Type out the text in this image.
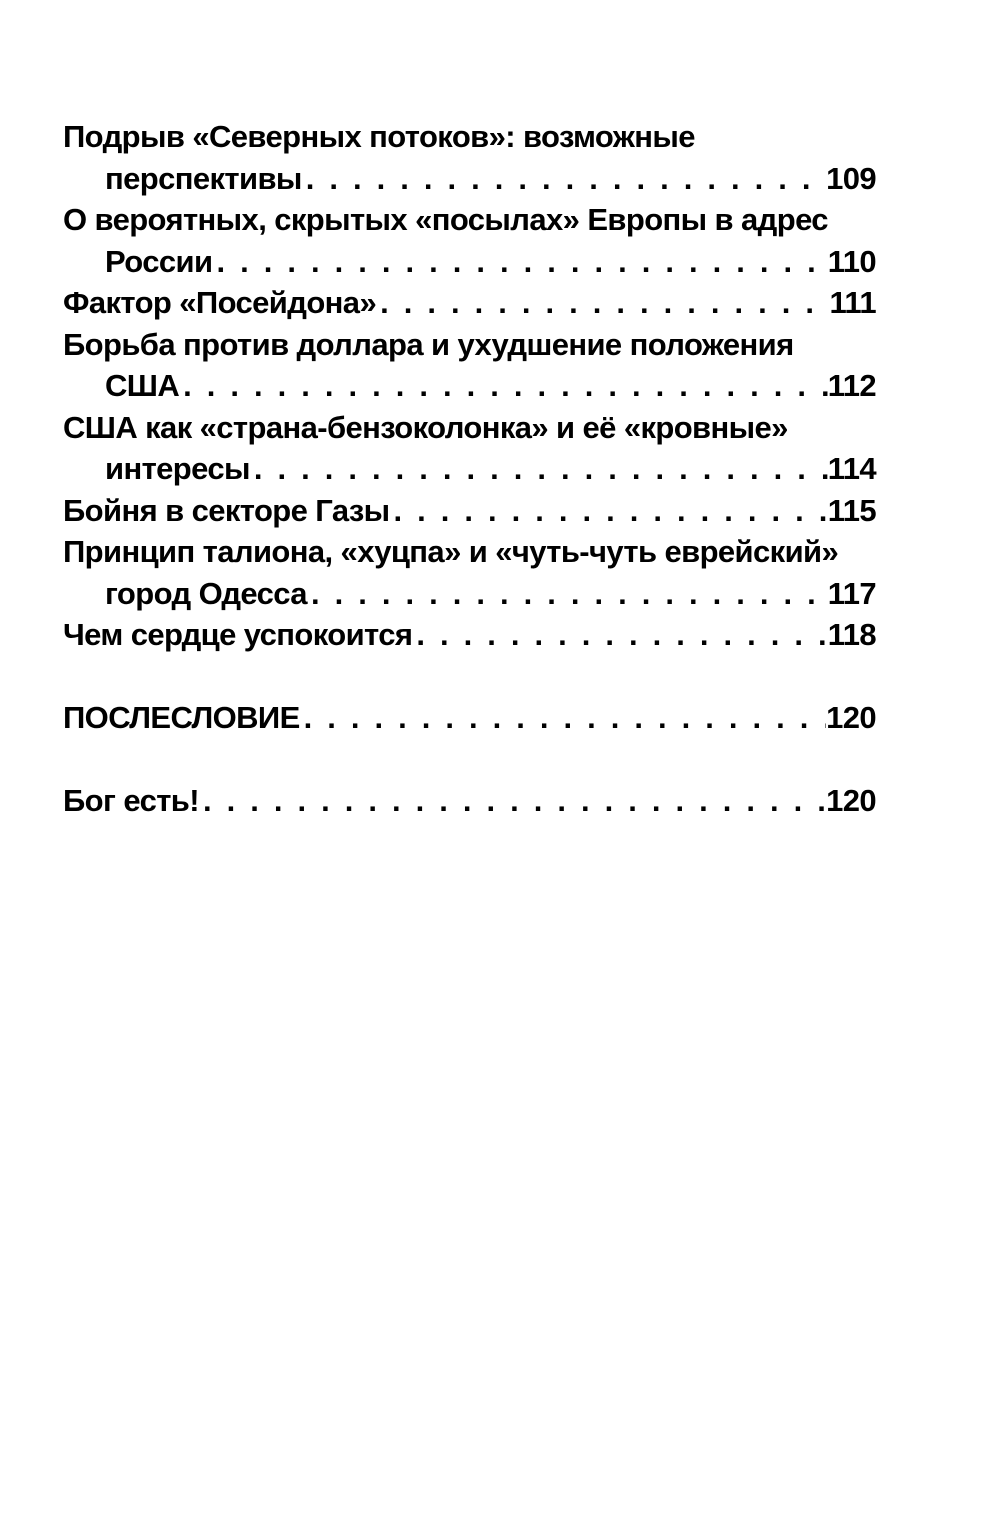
Подрыв «Северных потоков»: возможные
перспективы . . .	109
О вероятных, скрытых «посылах» Европы в адрес
России . . .	110
Фактор «Посейдона» . . .	111
Борьба против доллара и ухудшение положения
США . . .	112
США как «страна-бензоколонка» и её «кровные»
интересы . . .	114
Бойня в секторе Газы . . .	115
Принцип талиона, «хуцпа» и «чуть-чуть еврейский»
город Одесса . . .	117
Чем сердце успокоится . . .	118
ПОСЛЕСЛОВИЕ . . .	120
Бог есть! . . .	120
